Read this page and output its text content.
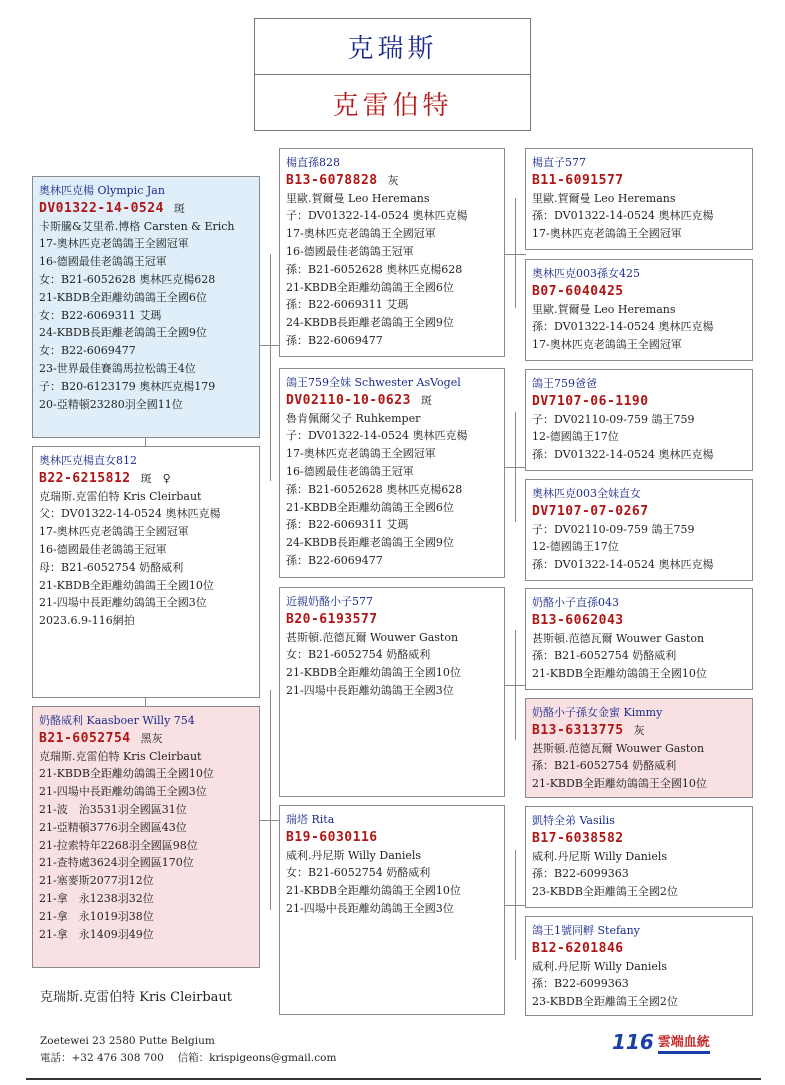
克瑞斯
克雷伯特
奧林匹克楊 Olympic Jan
DV01322-14-0524 斑
卡斯騰&艾里希.博格 Carsten & Erich
17-奧林匹克老鴿鴿王全國冠軍
16-德國最佳老鴿鴿王冠軍
女：B21-6052628 奧林匹克楊628
21-KBDB全距離幼鴿鴿王全國6位
女：B22-6069311 艾瑪
24-KBDB長距離老鴿鴿王全國9位
女：B22-6069477
23-世界最佳賽鴿馬拉松鴿王4位
子：B20-6123179 奧林匹克楊179
20-亞精頓23280羽全國11位
奧林匹克楊直女812
B22-6215812 斑　♀
克瑞斯.克雷伯特 Kris Cleirbaut
父：DV01322-14-0524 奧林匹克楊
17-奧林匹克老鴿鴿王全國冠軍
16-德國最佳老鴿鴿王冠軍
母：B21-6052754 奶酪威利
21-KBDB全距離幼鴿鴿王全國10位
21-四場中長距離幼鴿鴿王全國3位
2023.6.9-116網拍
奶酪威利 Kaasboer Willy 754
B21-6052754 黑灰
克瑞斯.克雷伯特 Kris Cleirbaut
21-KBDB全距離幼鴿鴿王全國10位
21-四場中長距離幼鴿鴿王全國3位
21-波　治3531羽全國區31位
21-亞精頓3776羽全國區43位
21-拉索特年2268羽全國區98位
21-查特處3624羽全國區170位
21-塞麥斯2077羽12位
21-拿　永1238羽32位
21-拿　永1019羽38位
21-拿　永1409羽49位
楊直孫828
B13-6078828 灰
里歐.賀爾曼 Leo Heremans
子：DV01322-14-0524 奧林匹克楊
17-奧林匹克老鴿鴿王全國冠軍
16-德國最佳老鴿鴿王冠軍
孫：B21-6052628 奧林匹克楊628
21-KBDB全距離幼鴿鴿王全國6位
孫：B22-6069311 艾瑪
24-KBDB長距離老鴿鴿王全國9位
孫：B22-6069477
鴿王759全妹 Schwester AsVogel
DV02110-10-0623 斑
魯肯佩爾父子 Ruhkemper
子：DV01322-14-0524 奧林匹克楊
17-奧林匹克老鴿鴿王全國冠軍
16-德國最佳老鴿鴿王冠軍
孫：B21-6052628 奧林匹克楊628
21-KBDB全距離幼鴿鴿王全國6位
孫：B22-6069311 艾瑪
24-KBDB長距離老鴿鴿王全國9位
孫：B22-6069477
近親奶酪小子577
B20-6193577
甚斯頓.范德瓦爾 Wouwer Gaston
女：B21-6052754 奶酪威利
21-KBDB全距離幼鴿鴿王全國10位
21-四場中長距離幼鴿鴿王全國3位
瑞塔 Rita
B19-6030116
威利.丹尼斯 Willy Daniels
女：B21-6052754 奶酪威利
21-KBDB全距離幼鴿鴿王全國10位
21-四場中長距離幼鴿鴿王全國3位
楊直子577
B11-6091577
里歐.賀爾曼 Leo Heremans
孫：DV01322-14-0524 奧林匹克楊
17-奧林匹克老鴿鴿王全國冠軍
奧林匹克003孫女425
B07-6040425
里歐.賀爾曼 Leo Heremans
孫：DV01322-14-0524 奧林匹克楊
17-奧林匹克老鴿鴿王全國冠軍
鴿王759爸爸
DV7107-06-1190
子：DV02110-09-759 鴿王759
12-德國鴿王17位
孫：DV01322-14-0524 奧林匹克楊
奧林匹克003全妹直女
DV7107-07-0267
子：DV02110-09-759 鴿王759
12-德國鴿王17位
孫：DV01322-14-0524 奧林匹克楊
奶酪小子直孫043
B13-6062043
甚斯頓.范德瓦爾 Wouwer Gaston
孫：B21-6052754 奶酪威利
21-KBDB全距離幼鴿鴿王全國10位
奶酪小子孫女金蜜 Kimmy
B13-6313775 灰
甚斯頓.范德瓦爾 Wouwer Gaston
孫：B21-6052754 奶酪威利
21-KBDB全距離幼鴿鴿王全國10位
凱特全弟 Vasilis
B17-6038582
威利.丹尼斯 Willy Daniels
孫：B22-6099363
23-KBDB全距離鴿王全國2位
鴿王1號同孵 Stefany
B12-6201846
威利.丹尼斯 Willy Daniels
孫：B22-6099363
23-KBDB全距離鴿王全國2位
克瑞斯.克雷伯特 Kris Cleirbaut
Zoetewei 23 2580 Putte Belgium
電話：+32 476 308 700　 信箱：krispigeons@gmail.com
116 雲端血統
